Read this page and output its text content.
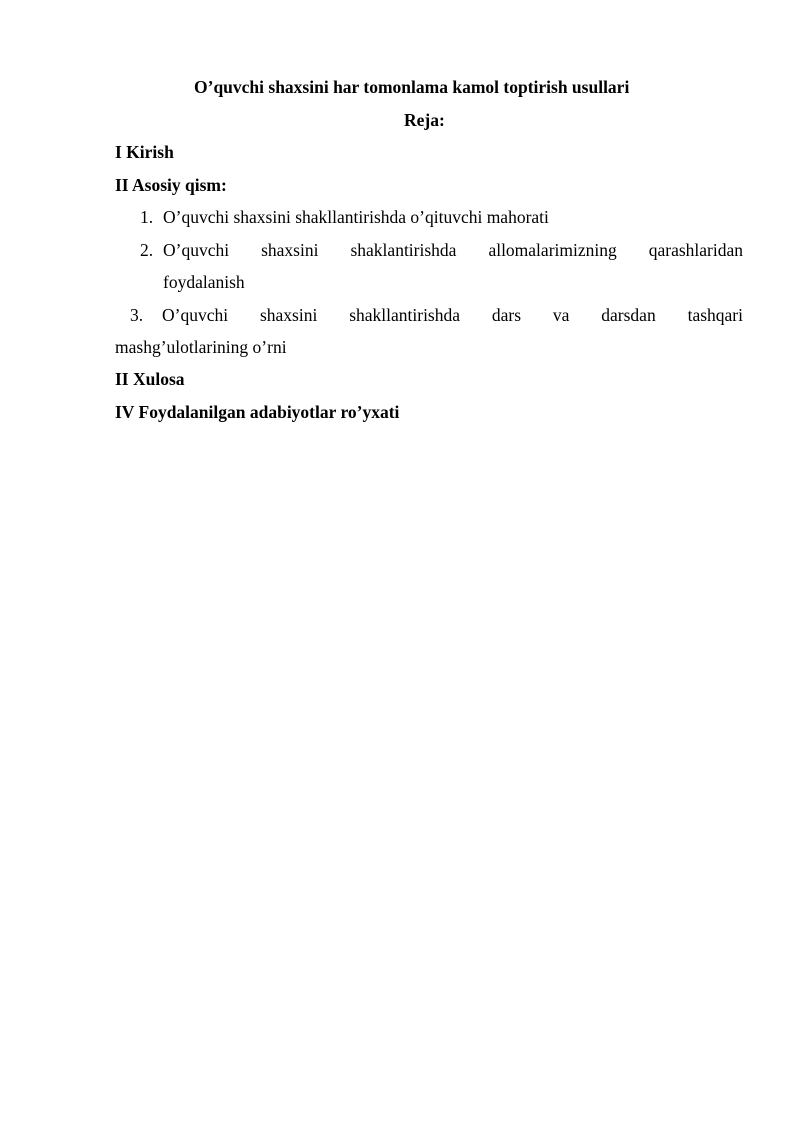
O’quvchi shaxsini har tomonlama kamol toptirish usullari
Reja:
I Kirish
II Asosiy qism:
1. O’quvchi shaxsini shakllantirishda o’qituvchi mahorati
2. O’quvchi shaxsini shaklantirishda allomalarimizning qarashlaridan
foydalanish
3. O’quvchi shaxsini shakllantirishda dars va darsdan tashqari
mashg’ulotlarining o’rni
II Xulosa
IV Foydalanilgan adabiyotlar ro’yxati
